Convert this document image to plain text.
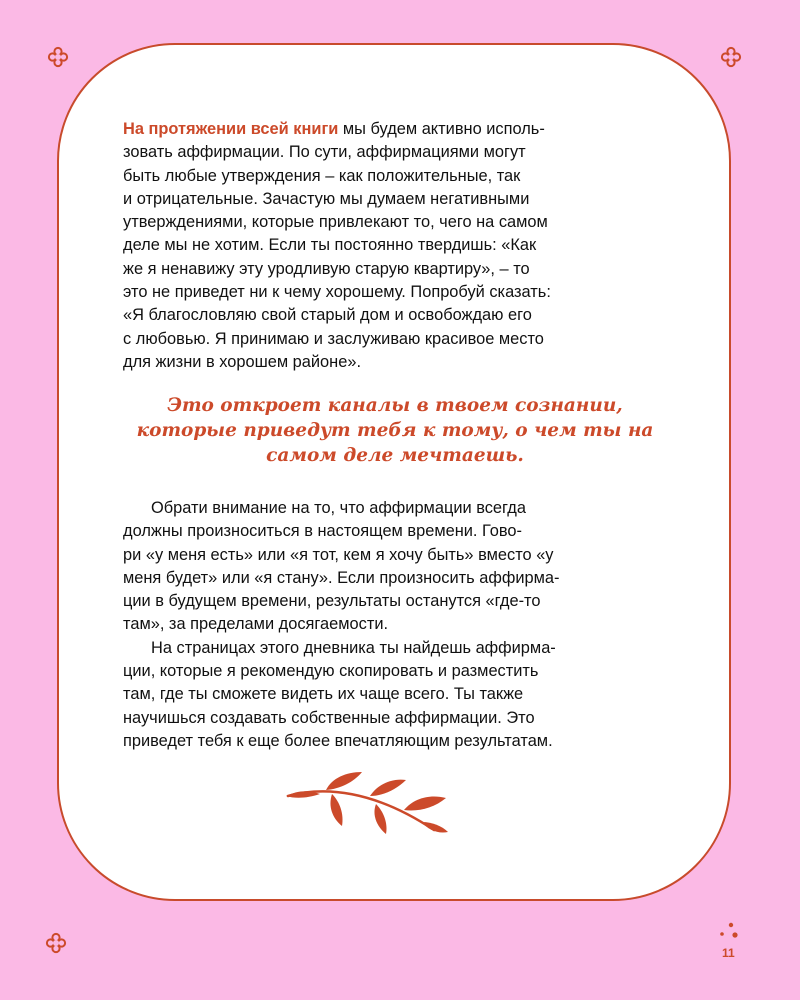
На протяжении всей книги мы будем активно исполь-
зовать аффирмации. По сути, аффирмациями могут
быть любые утверждения – как положительные, так
и отрицательные. Зачастую мы думаем негативными
утверждениями, которые привлекают то, чего на самом
деле мы не хотим. Если ты постоянно твердишь: «Как
же я ненавижу эту уродливую старую квартиру», – то
это не приведет ни к чему хорошему. Попробуй сказать:
«Я благословляю свой старый дом и освобождаю его
с любовью. Я принимаю и заслуживаю красивое место
для жизни в хорошем районе».

Это откроет каналы в твоем сознании,
которые приведут тебя к тому, о чем ты на
самом деле мечтаешь.

Обрати внимание на то, что аффирмации всегда
должны произноситься в настоящем времени. Гово-
ри «у меня есть» или «я тот, кем я хочу быть» вместо «у
меня будет» или «я стану». Если произносить аффирма-
ции в будущем времени, результаты останутся «где-то
там», за пределами досягаемости.
На страницах этого дневника ты найдешь аффирма-
ции, которые я рекомендую скопировать и разместить
там, где ты сможете видеть их чаще всего. Ты также
научишься создавать собственные аффирмации. Это
приведет тебя к еще более впечатляющим результатам.

11
